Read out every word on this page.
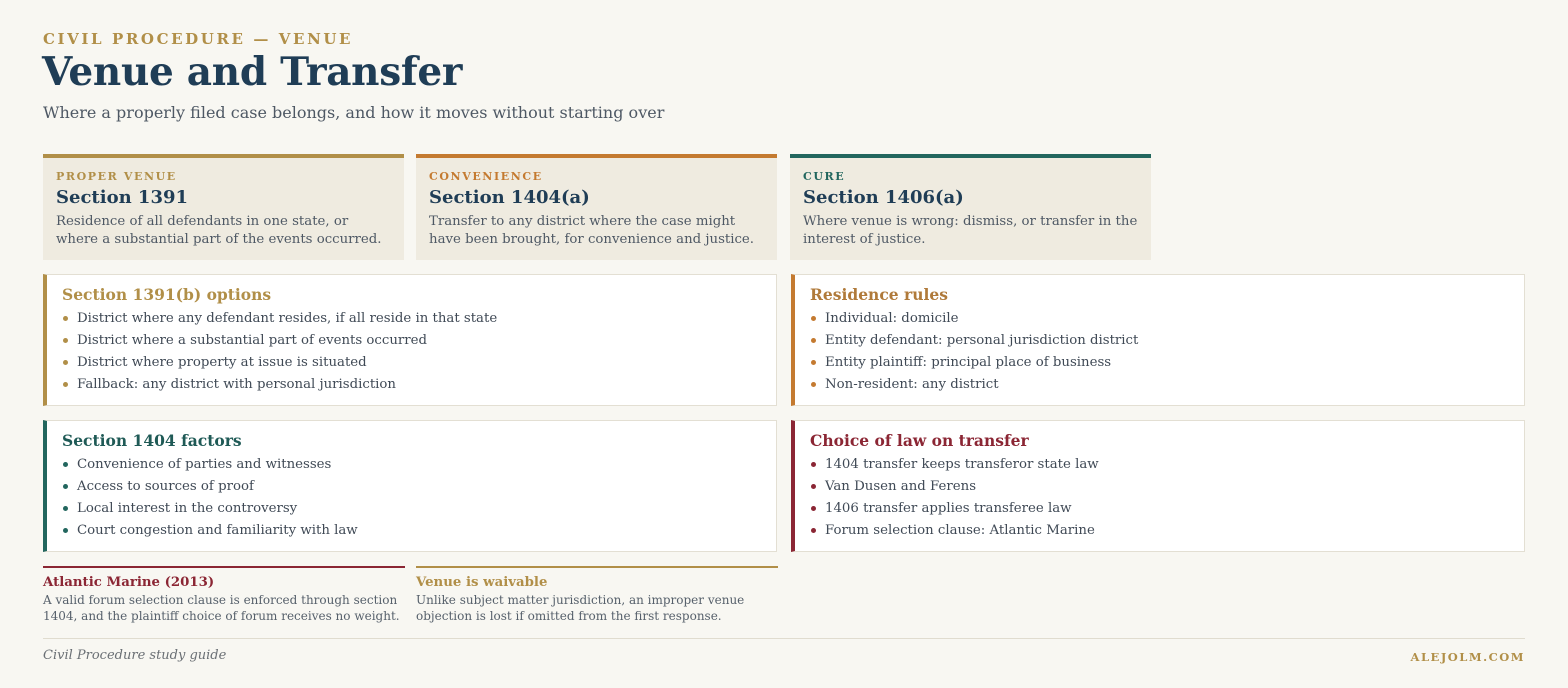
CIVIL PROCEDURE — VENUE
Venue and Transfer
Where a properly filed case belongs, and how it moves without starting over
PROPER VENUE
Section 1391
Residence of all defendants in one state, or where a substantial part of the events occurred.
CONVENIENCE
Section 1404(a)
Transfer to any district where the case might have been brought, for convenience and justice.
CURE
Section 1406(a)
Where venue is wrong: dismiss, or transfer in the interest of justice.
Section 1391(b) options
District where any defendant resides, if all reside in that state
District where a substantial part of events occurred
District where property at issue is situated
Fallback: any district with personal jurisdiction
Residence rules
Individual: domicile
Entity defendant: personal jurisdiction district
Entity plaintiff: principal place of business
Non-resident: any district
Section 1404 factors
Convenience of parties and witnesses
Access to sources of proof
Local interest in the controversy
Court congestion and familiarity with law
Choice of law on transfer
1404 transfer keeps transferor state law
Van Dusen and Ferens
1406 transfer applies transferee law
Forum selection clause: Atlantic Marine
Atlantic Marine (2013)
A valid forum selection clause is enforced through section 1404, and the plaintiff choice of forum receives no weight.
Venue is waivable
Unlike subject matter jurisdiction, an improper venue objection is lost if omitted from the first response.
Civil Procedure study guide	ALEJOLM.COM
